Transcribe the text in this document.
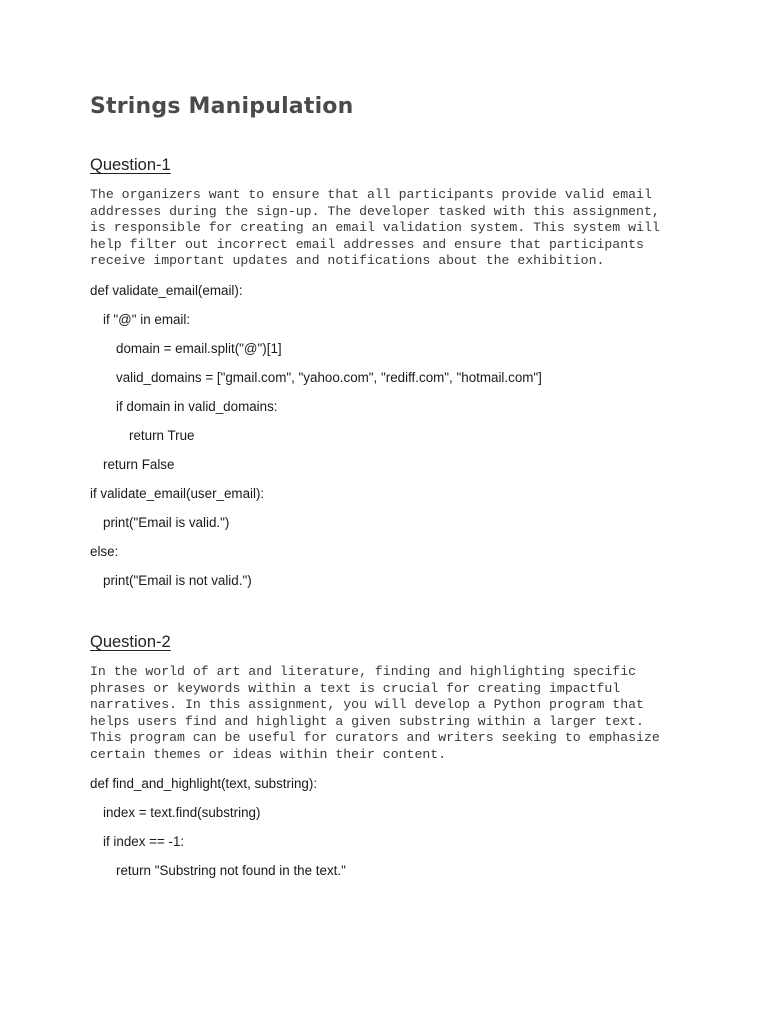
Strings Manipulation
Question-1
The organizers want to ensure that all participants provide valid email
addresses during the sign-up. The developer tasked with this assignment,
is responsible for creating an email validation system. This system will
help filter out incorrect email addresses and ensure that participants
receive important updates and notifications about the exhibition.
def validate_email(email):
if "@" in email:
domain = email.split("@")[1]
valid_domains = ["gmail.com", "yahoo.com", "rediff.com", "hotmail.com"]
if domain in valid_domains:
return True
return False
if validate_email(user_email):
print("Email is valid.")
else:
print("Email is not valid.")
Question-2
In the world of art and literature, finding and highlighting specific
phrases or keywords within a text is crucial for creating impactful
narratives. In this assignment, you will develop a Python program that
helps users find and highlight a given substring within a larger text.
This program can be useful for curators and writers seeking to emphasize
certain themes or ideas within their content.
def find_and_highlight(text, substring):
index = text.find(substring)
if index == -1:
return "Substring not found in the text."
